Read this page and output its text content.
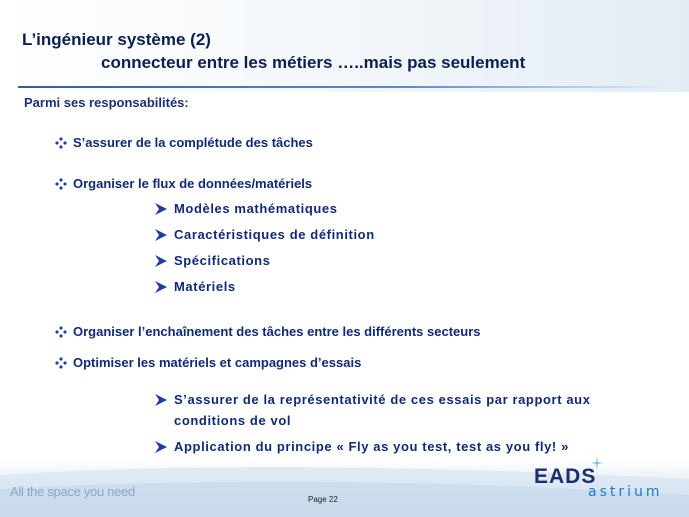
L’ingénieur système (2)
connecteur entre les métiers …..mais pas seulement
Parmi ses responsabilités:
S’assurer de la complétude des tâches
Organiser le flux de données/matériels
Modèles mathématiques
Caractéristiques de définition
Spécifications
Matériels
Organiser l’enchaînement des tâches entre les différents secteurs
Optimiser les matériels et campagnes d’essais
S’assurer de la représentativité de ces essais par rapport aux
conditions de vol
Application du principe « Fly as you test, test as you fly! »
All the space you need
Page 22
EADS
astrium
